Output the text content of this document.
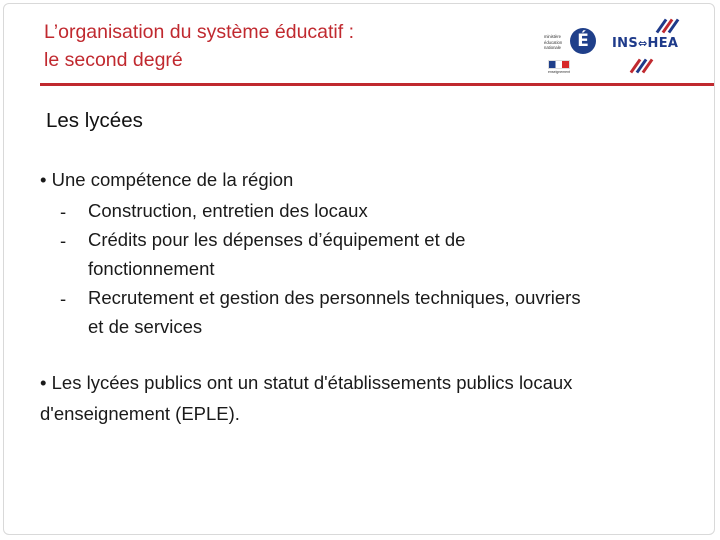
L’organisation du système éducatif :
le second degré
ministère
éducation
nationale É
enseignement
INS⇔HEA
Les lycées
• Une compétence de la région
- Construction, entretien des locaux
- Crédits pour les dépenses d’équipement et de
fonctionnement
- Recrutement et gestion des personnels techniques, ouvriers
et de services
• Les lycées publics ont un statut d'établissements publics locaux
d'enseignement (EPLE).
